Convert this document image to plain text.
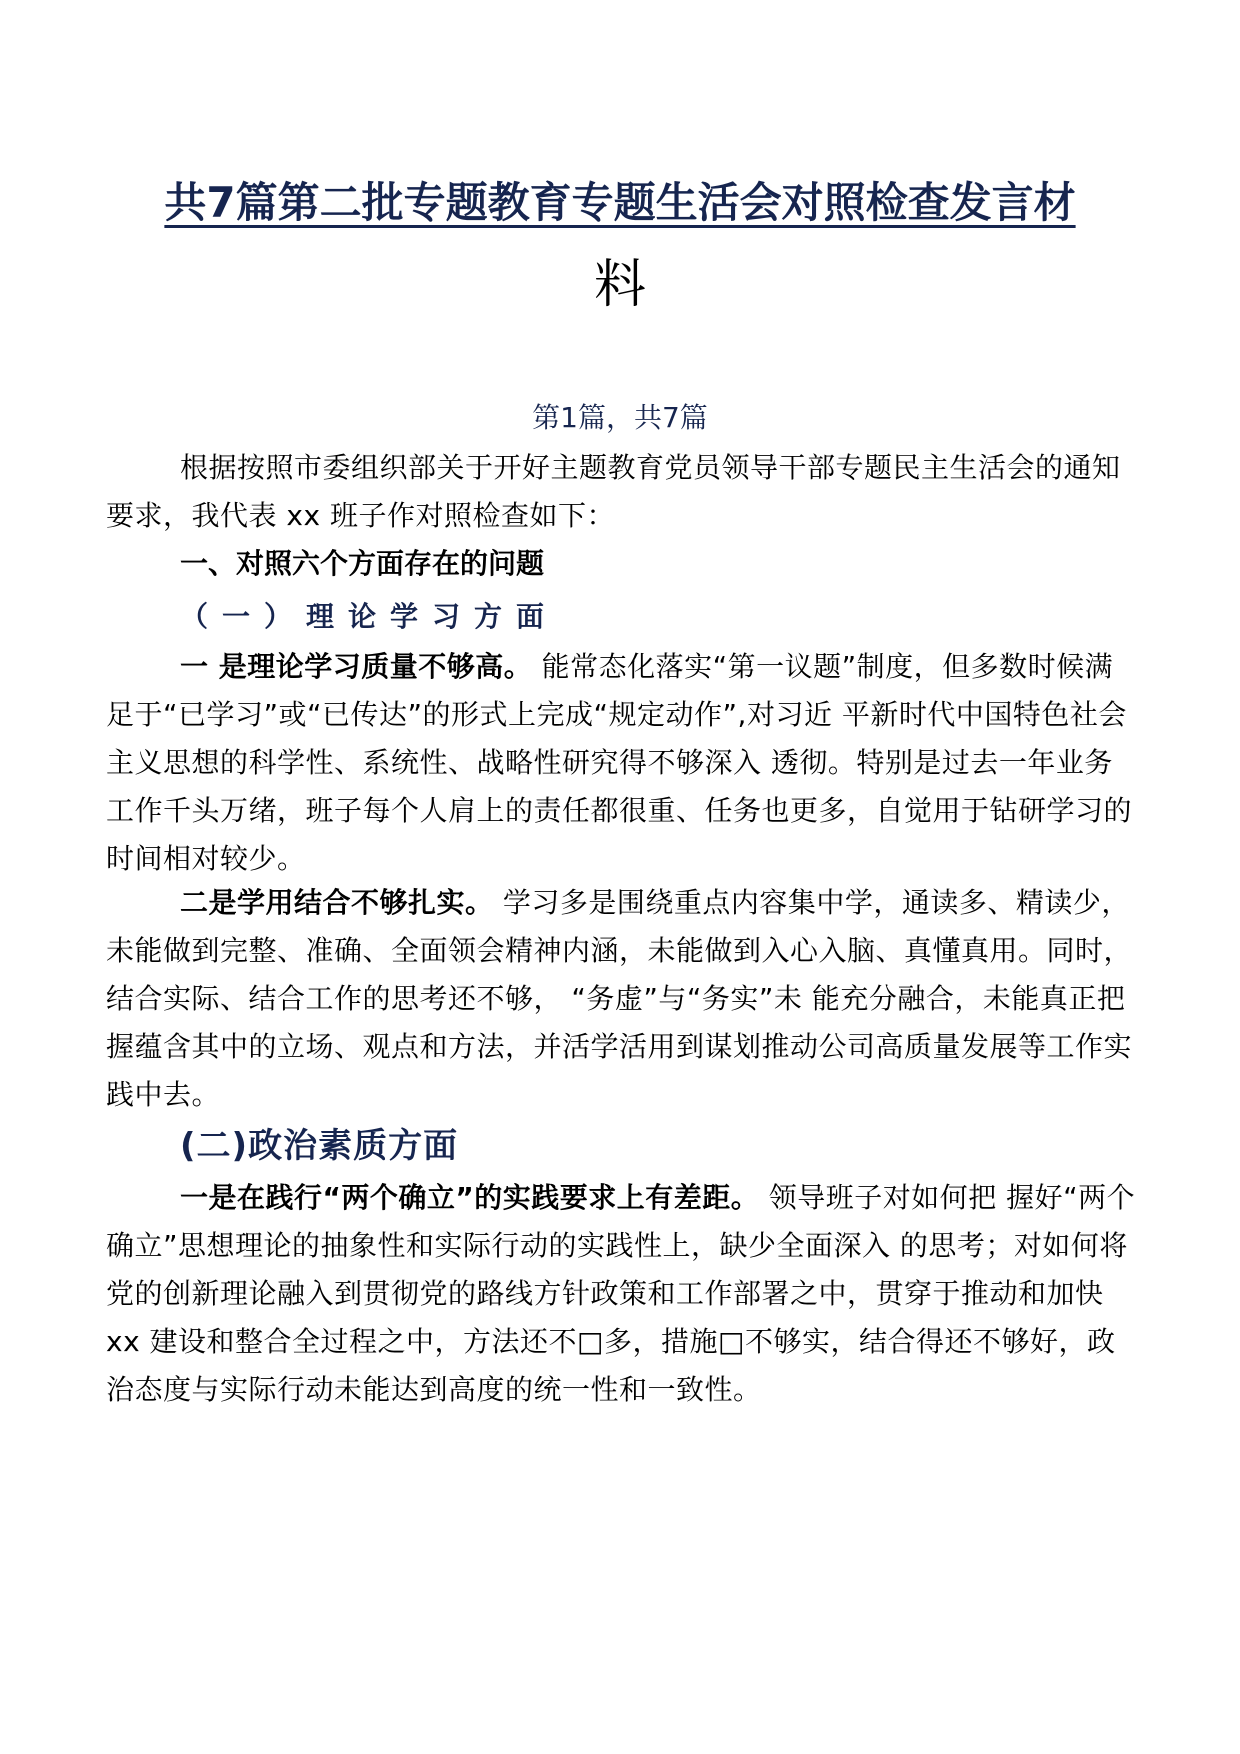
共7篇第二批专题教育专题生活会对照检查发言材
料
第1篇，共7篇
根据按照市委组织部关于开好主题教育党员领导干部专题民主生活会的通知要求，我代表 xx 班子作对照检查如下：
一、对照六个方面存在的问题
（一）理论学习方面
一 是理论学习质量不够高。 能常态化落实“第一议题”制度，但多数时候满足于“已学习”或“已传达”的形式上完成“规定动作”,对习近 平新时代中国特色社会主义思想的科学性、系统性、战略性研究得不够深入 透彻。特别是过去一年业务工作千头万绪，班子每个人肩上的责任都很重、任务也更多，自觉用于钻研学习的时间相对较少。
二是学用结合不够扎实。 学习多是围绕重点内容集中学，通读多、精读少，未能做到完整、准确、全面领会精神内涵，未能做到入心入脑、真懂真用。同时，结合实际、结合工作的思考还不够， “务虚”与“务实”未 能充分融合，未能真正把握蕴含其中的立场、观点和方法，并活学活用到谋划推动公司高质量发展等工作实践中去。
(二)政治素质方面
一是在践行“两个确立”的实践要求上有差距。 领导班子对如何把 握好“两个确立”思想理论的抽象性和实际行动的实践性上，缺少全面深入 的思考；对如何将党的创新理论融入到贯彻党的路线方针政策和工作部署之中，贯穿于推动和加快 xx 建设和整合全过程之中，方法还不□多，措施□不够实，结合得还不够好，政治态度与实际行动未能达到高度的统一性和一致性。
